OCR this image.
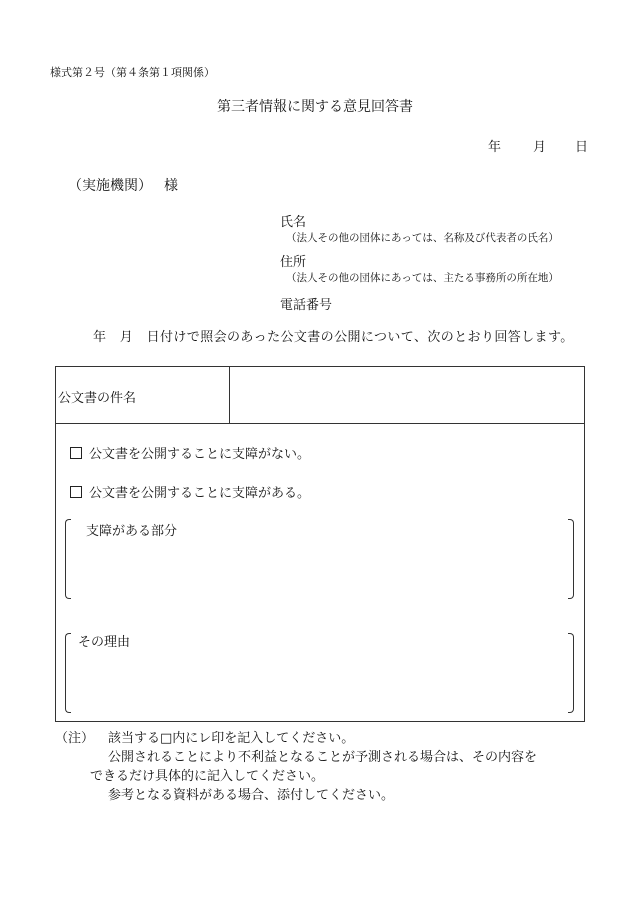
様式第２号（第４条第１項関係）
第三者情報に関する意見回答書
年 月 日
（実施機関） 様
氏名
（法人その他の団体にあっては、名称及び代表者の氏名）
住所
（法人その他の団体にあっては、主たる事務所の所在地）
電話番号
年　月　日付けで照会のあった公文書の公開について、次のとおり回答します。
公文書の件名
公文書を公開することに支障がない。
公文書を公開することに支障がある。
支障がある部分
その理由
（注） 該当する□内にレ印を記入してください。
公開されることにより不利益となることが予測される場合は、その内容を
できるだけ具体的に記入してください。
参考となる資料がある場合、添付してください。
